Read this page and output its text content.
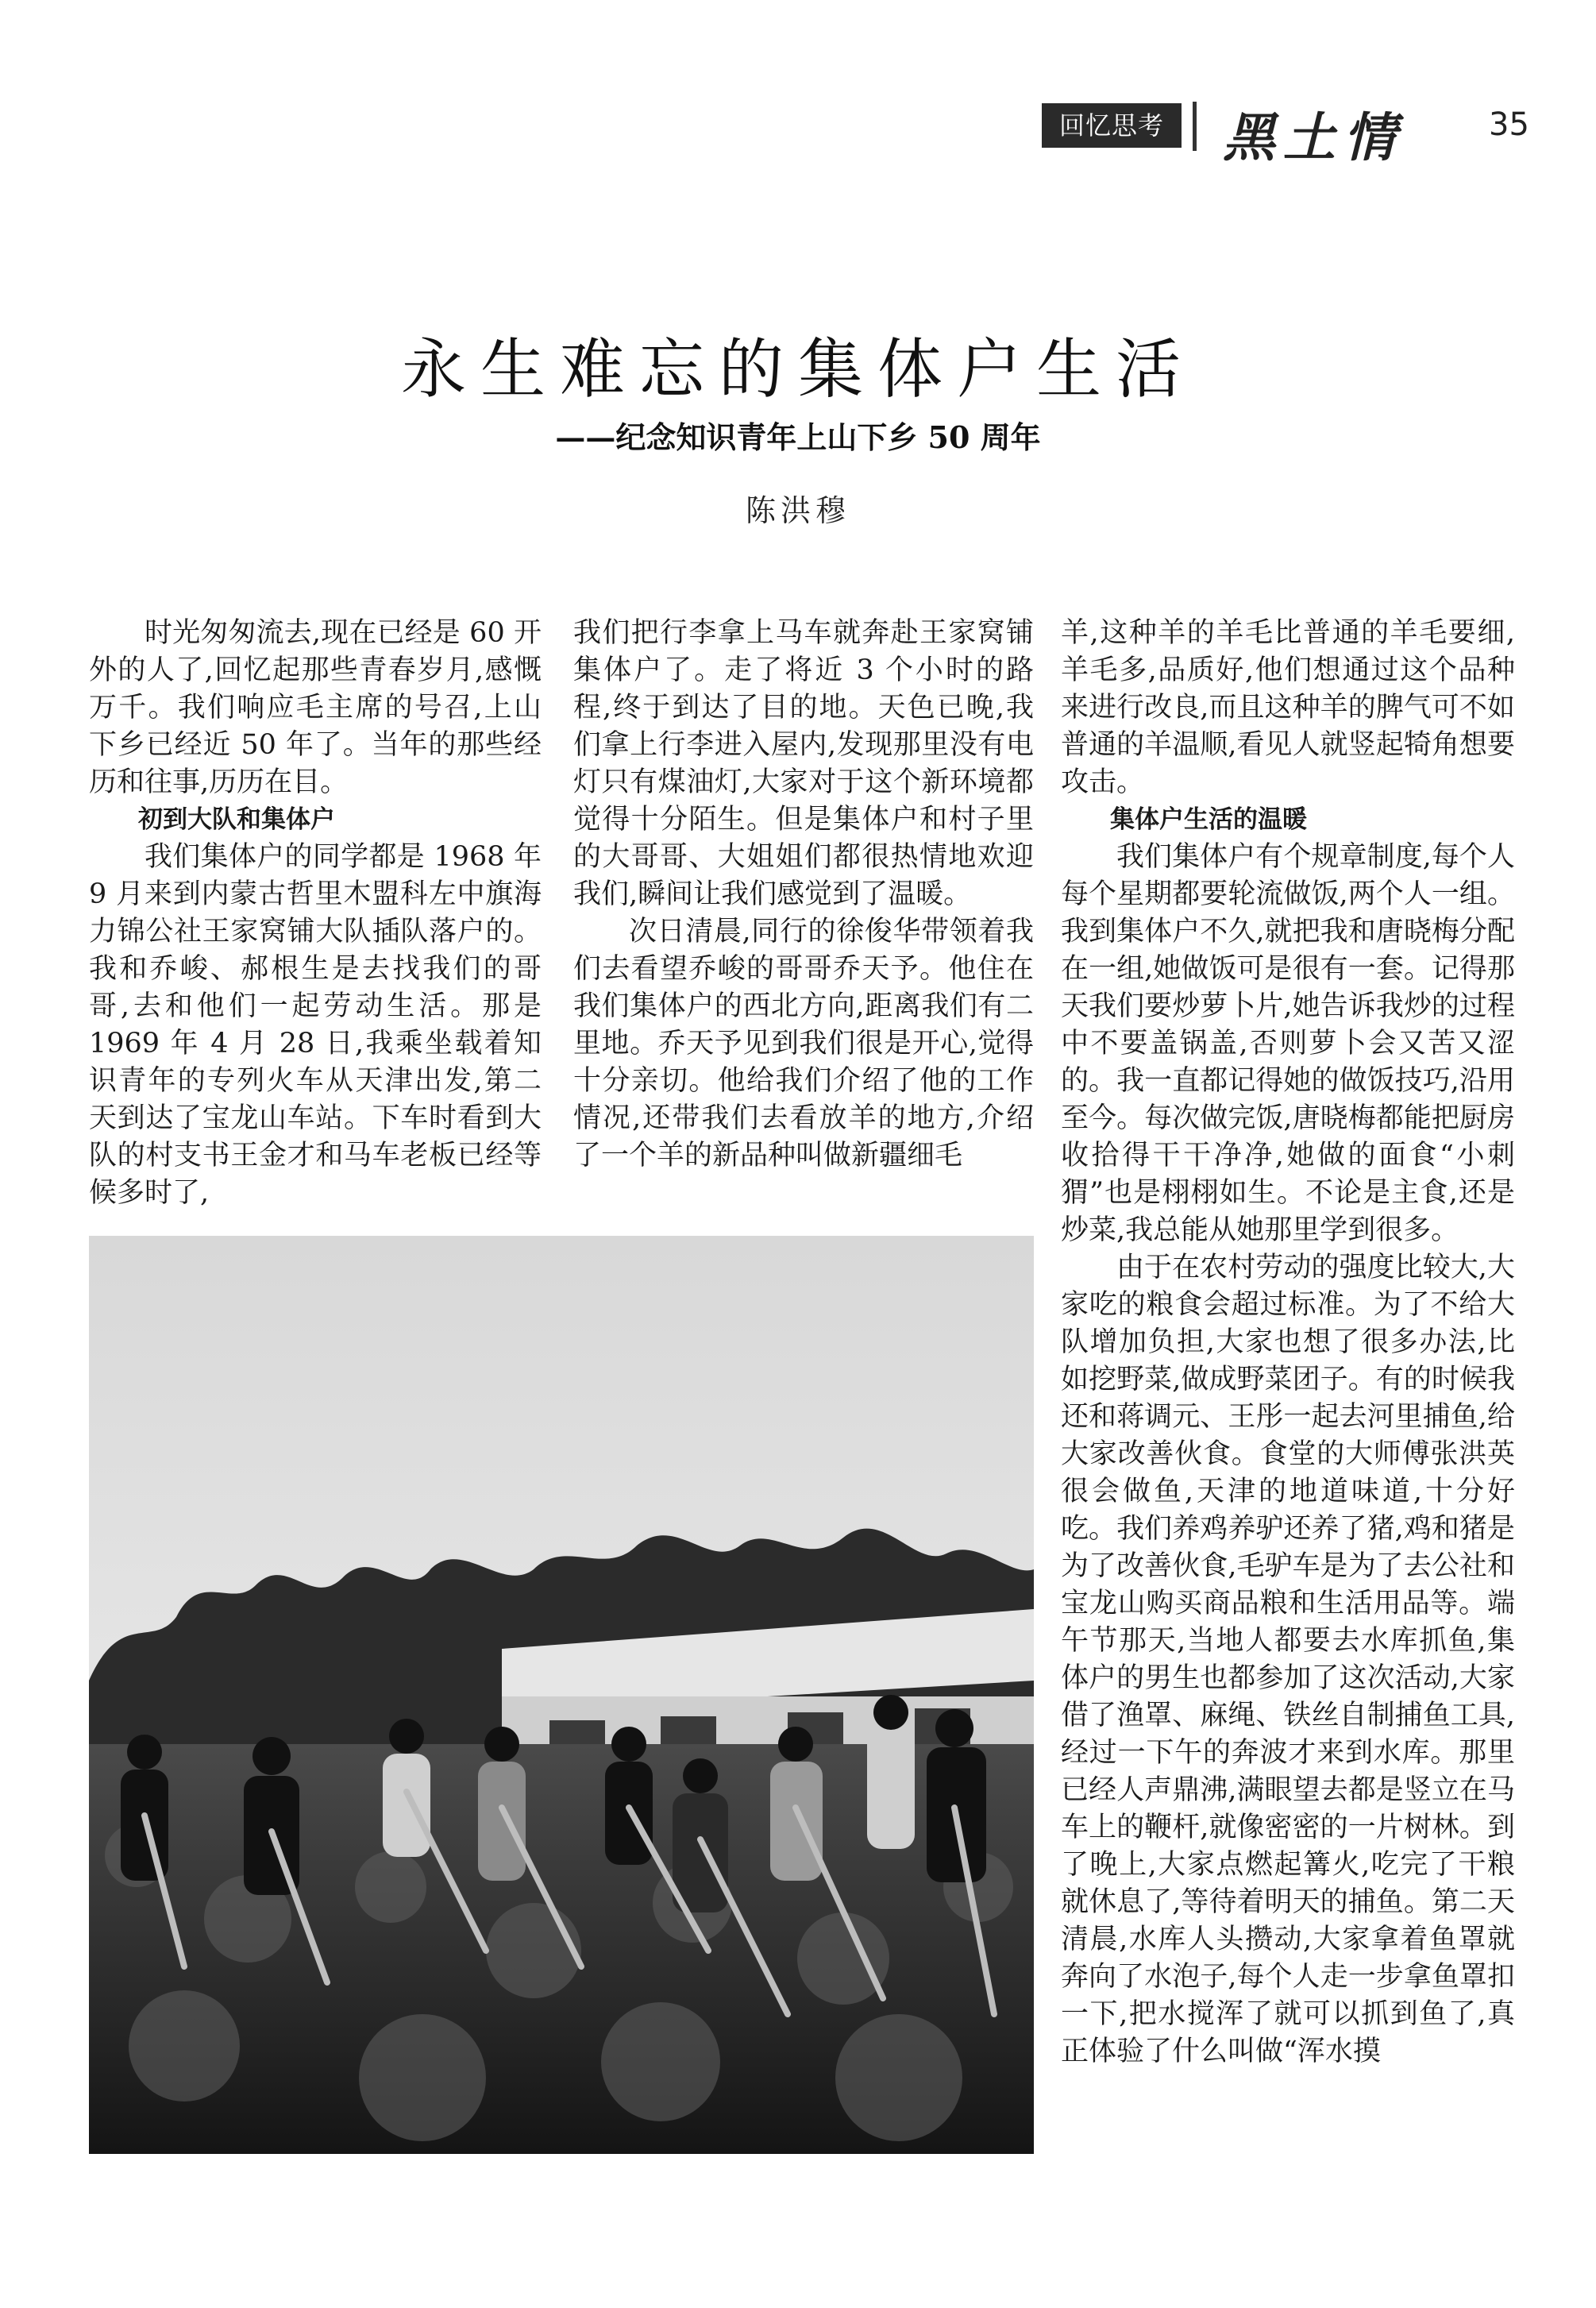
回忆思考	黑土情	35
永生难忘的集体户生活
——纪念知识青年上山下乡 50 周年
陈洪穆

时光匆匆流去,现在已经是 60 开外的人了,回忆起那些青春岁月,感慨万千。我们响应毛主席的号召,上山下乡已经近 50 年了。当年的那些经历和往事,历历在目。

初到大队和集体户

我们集体户的同学都是 1968 年 9 月来到内蒙古哲里木盟科左中旗海力锦公社王家窝铺大队插队落户的。我和乔峻、郝根生是去找我们的哥哥,去和他们一起劳动生活。那是 1969 年 4 月 28 日,我乘坐载着知识青年的专列火车从天津出发,第二天到达了宝龙山车站。下车时看到大队的村支书王金才和马车老板已经等候多时了,

我们把行李拿上马车就奔赴王家窝铺集体户了。走了将近 3 个小时的路程,终于到达了目的地。天色已晚,我们拿上行李进入屋内,发现那里没有电灯只有煤油灯,大家对于这个新环境都觉得十分陌生。但是集体户和村子里的大哥哥、大姐姐们都很热情地欢迎我们,瞬间让我们感觉到了温暖。

次日清晨,同行的徐俊华带领着我们去看望乔峻的哥哥乔天予。他住在我们集体户的西北方向,距离我们有二里地。乔天予见到我们很是开心,觉得十分亲切。他给我们介绍了他的工作情况,还带我们去看放羊的地方,介绍了一个羊的新品种叫做新疆细毛

羊,这种羊的羊毛比普通的羊毛要细,羊毛多,品质好,他们想通过这个品种来进行改良,而且这种羊的脾气可不如普通的羊温顺,看见人就竖起犄角想要攻击。

集体户生活的温暖

我们集体户有个规章制度,每个人每个星期都要轮流做饭,两个人一组。我到集体户不久,就把我和唐晓梅分配在一组,她做饭可是很有一套。记得那天我们要炒萝卜片,她告诉我炒的过程中不要盖锅盖,否则萝卜会又苦又涩的。我一直都记得她的做饭技巧,沿用至今。每次做完饭,唐晓梅都能把厨房收拾得干干净净,她做的面食“小刺猬”也是栩栩如生。不论是主食,还是炒菜,我总能从她那里学到很多。

由于在农村劳动的强度比较大,大家吃的粮食会超过标准。为了不给大队增加负担,大家也想了很多办法,比如挖野菜,做成野菜团子。有的时候我还和蒋调元、王彤一起去河里捕鱼,给大家改善伙食。食堂的大师傅张洪英很会做鱼,天津的地道味道,十分好吃。我们养鸡养驴还养了猪,鸡和猪是为了改善伙食,毛驴车是为了去公社和宝龙山购买商品粮和生活用品等。端午节那天,当地人都要去水库抓鱼,集体户的男生也都参加了这次活动,大家借了渔罩、麻绳、铁丝自制捕鱼工具,经过一下午的奔波才来到水库。那里已经人声鼎沸,满眼望去都是竖立在马车上的鞭杆,就像密密的一片树林。到了晚上,大家点燃起篝火,吃完了干粮就休息了,等待着明天的捕鱼。第二天清晨,水库人头攒动,大家拿着鱼罩就奔向了水泡子,每个人走一步拿鱼罩扣一下,把水搅浑了就可以抓到鱼了,真正体验了什么叫做“浑水摸
